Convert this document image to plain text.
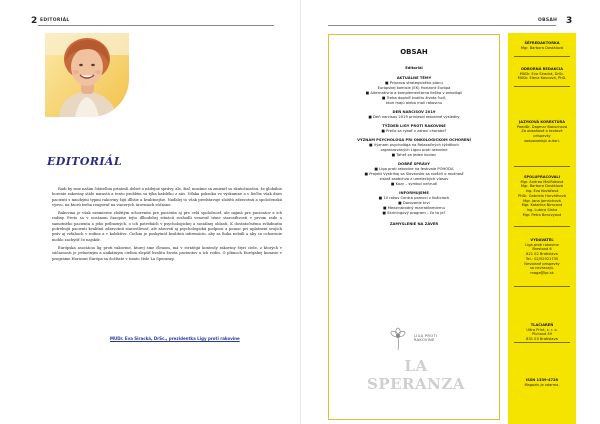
2 EDITORIÁL
EDITORIÁL

Radi by sme našim čitateľom priniesli dobré a nádejné správy, ale, žiaľ, musíme sa zmieniť so skutočnosťou, že globálne borenie rakoviny stále narastá a tento problém sa týka každého z nás. Vďaka pokroku vo výskumne a v liečbe však dnes pacienti s mnohými typmi rakoviny žijú dlhšie a kvalitnejšie. Naďalej to však predstavuje zložitú zdravotnú a spoločenskú výzvu, na ktorú treba reagovať na viacerých úrovniach súčasne.

Rakovina je však nesmierne zložitým ochorením pre pacienta aj pre celú spoločnosť, ale najmä pre pacientov a ich rodiny. Preto sa v oceánom časopise tejto dlhodobej situácii rozhodli venovať téme starostlivosti v prvom rade o samotného pacienta a jeho príbuzných, o ich potrebách v psychologickej a sociálnej oblasti. K dostatočnému zvládnutiu potrebujú pacienti kvalitnú zdravotnú starostlivosť, ale zároveň aj psychologickú podporu a pomoc pri uplatnení svojich práv aj vzťahoch v rodine a v kolektíve. Cieľom je poskytnúť kvalitnú informáciu, aby sa ľudia nebáli a aby sa ochorenie mohlo zachytiť čo najskôr.

Európska asociácia lig proti rakovine, ktorej sme členom, má v stratégii kontroly rakoviny štyri ciele, z ktorých v súčasnosti je jednotným a unikátnym cieľom zlepšiť kvalitu života pacientov a ich rodín. O plánoch Európskej komisie v programe Horizont Európa sa dočítate v tomto čísle La Speranzy.

MUDr. Eva Siracká, DrSc., prezidentka Ligy proti rakovine
OBSAH 3
OBSAH
Editoriál
AKTUÁLNE TÉMY
■ Príprava strategického plánu
Európskej komisie (EK) Horizont Európa
■ Alternatívna a komplementárna liečba v onkológii
■ Treba doplniť kvalitu života ľudí,
ktorí majú alebo mali rakovinu
DEŇ NARCISOV 2019
■ Deň narcisov 2019 priniesol rekordné výsledky
TÝŽDEŇ LIGY PROTI RAKOVINE
■ Prečo sa rybať v zdraví chorobe?
VÝZNAM PSYCHOLÓGA PRI ONKOLOGICKOM OCHORENÍ
■ Význam psychológa na Relaxačných týždňoch
organizovaných Ligou proti rakovine
■ Taheť za jeden koniec
DOBRÉ SPRÁVY
■ Liga proti rakovine na festivale POHODA
■ Projekt Vystrihaj sa Slovensko sa rozšíril o možnosť
získať zaobchvo z umeleckých vlasov
■ Kozy – symbol nehrudí
INFORMUJEME
■ 10 rokov Centra pomoci v Košiciach
■ Darovanie krvi
■ Medzinárodný marratónmiernu
■ Skríningový program – čo to je?
ZAMYSLENIE NA ZÁVER
LIGA PROTI
RAKOVINE
LA SPERANZA
ŠÉFREDAKTORKA
Mgr. Barbora Dostálová
ODBORNÁ REDAKCIA
MUDr. Eva Siracká, DrSc.
MUDr. Elena Kavcová, PhD.
JAZYKOVÁ KOREKTÚRA
PaedDr. Dagmar Bakuchová
Za obsahové a textové
príspevky
zodpovedajú autori.
SPOLUPRACOVALI
Mgr. Andrea Malíňáková
Mgr. Barbora Dostálová
Ing. Eva Kováčová
PhDr. Gabriela Horváthová
Mgr. Jana Jamrichová
Mgr. Katarína Nimcová
Ing. Lubica Slaha
Mgr. Petra Benczyová
VYDAVATEĽ
Liga proti rakovine
Brestová 6
821 02 Bratislava
Tel.: 02/52921735
Nevolané príspevky
sa nevracajú.
maga@lpr.sk
TLAČIAREŇ
Ultra Print, s. r. o.
Pluhová 49
831 03 Bratislava
ISSN 1339-4728
Magazín je zdarma.
